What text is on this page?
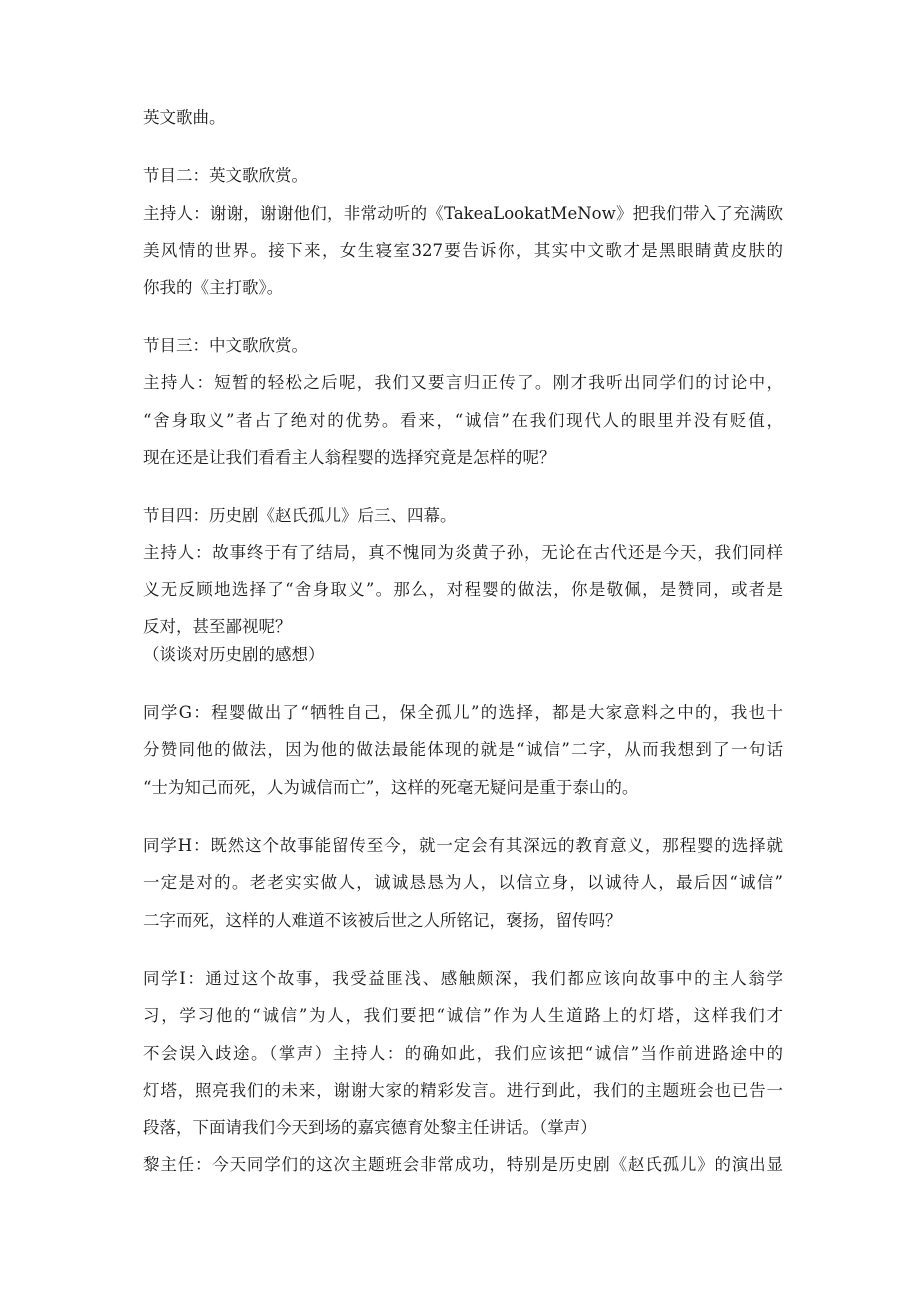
英文歌曲。
节目二：英文歌欣赏。
主持人：谢谢，谢谢他们，非常动听的《TakeaLookatMeNow》把我们带入了充满欧
美风情的世界。接下来，女生寝室327要告诉你，其实中文歌才是黑眼睛黄皮肤的
你我的《主打歌》。
节目三：中文歌欣赏。
主持人：短暂的轻松之后呢，我们又要言归正传了。刚才我听出同学们的讨论中，
“舍身取义”者占了绝对的优势。看来，“诚信”在我们现代人的眼里并没有贬值，
现在还是让我们看看主人翁程婴的选择究竟是怎样的呢？
节目四：历史剧《赵氏孤儿》后三、四幕。
主持人：故事终于有了结局，真不愧同为炎黄子孙，无论在古代还是今天，我们同样
义无反顾地选择了“舍身取义”。那么，对程婴的做法，你是敬佩，是赞同，或者是
反对，甚至鄙视呢？
（谈谈对历史剧的感想）
同学G：程婴做出了“牺牲自己，保全孤儿”的选择，都是大家意料之中的，我也十
分赞同他的做法，因为他的做法最能体现的就是“诚信”二字，从而我想到了一句话
“士为知己而死，人为诚信而亡”，这样的死毫无疑问是重于泰山的。
同学H：既然这个故事能留传至今，就一定会有其深远的教育意义，那程婴的选择就
一定是对的。老老实实做人，诚诚恳恳为人，以信立身，以诚待人，最后因“诚信”
二字而死，这样的人难道不该被后世之人所铭记，褒扬，留传吗？
同学I：通过这个故事，我受益匪浅、感触颇深，我们都应该向故事中的主人翁学
习，学习他的“诚信”为人，我们要把“诚信”作为人生道路上的灯塔，这样我们才
不会误入歧途。（掌声）主持人：的确如此，我们应该把“诚信”当作前进路途中的
灯塔，照亮我们的未来，谢谢大家的精彩发言。进行到此，我们的主题班会也已告一
段落，下面请我们今天到场的嘉宾德育处黎主任讲话。（掌声）
黎主任：今天同学们的这次主题班会非常成功，特别是历史剧《赵氏孤儿》的演出显
